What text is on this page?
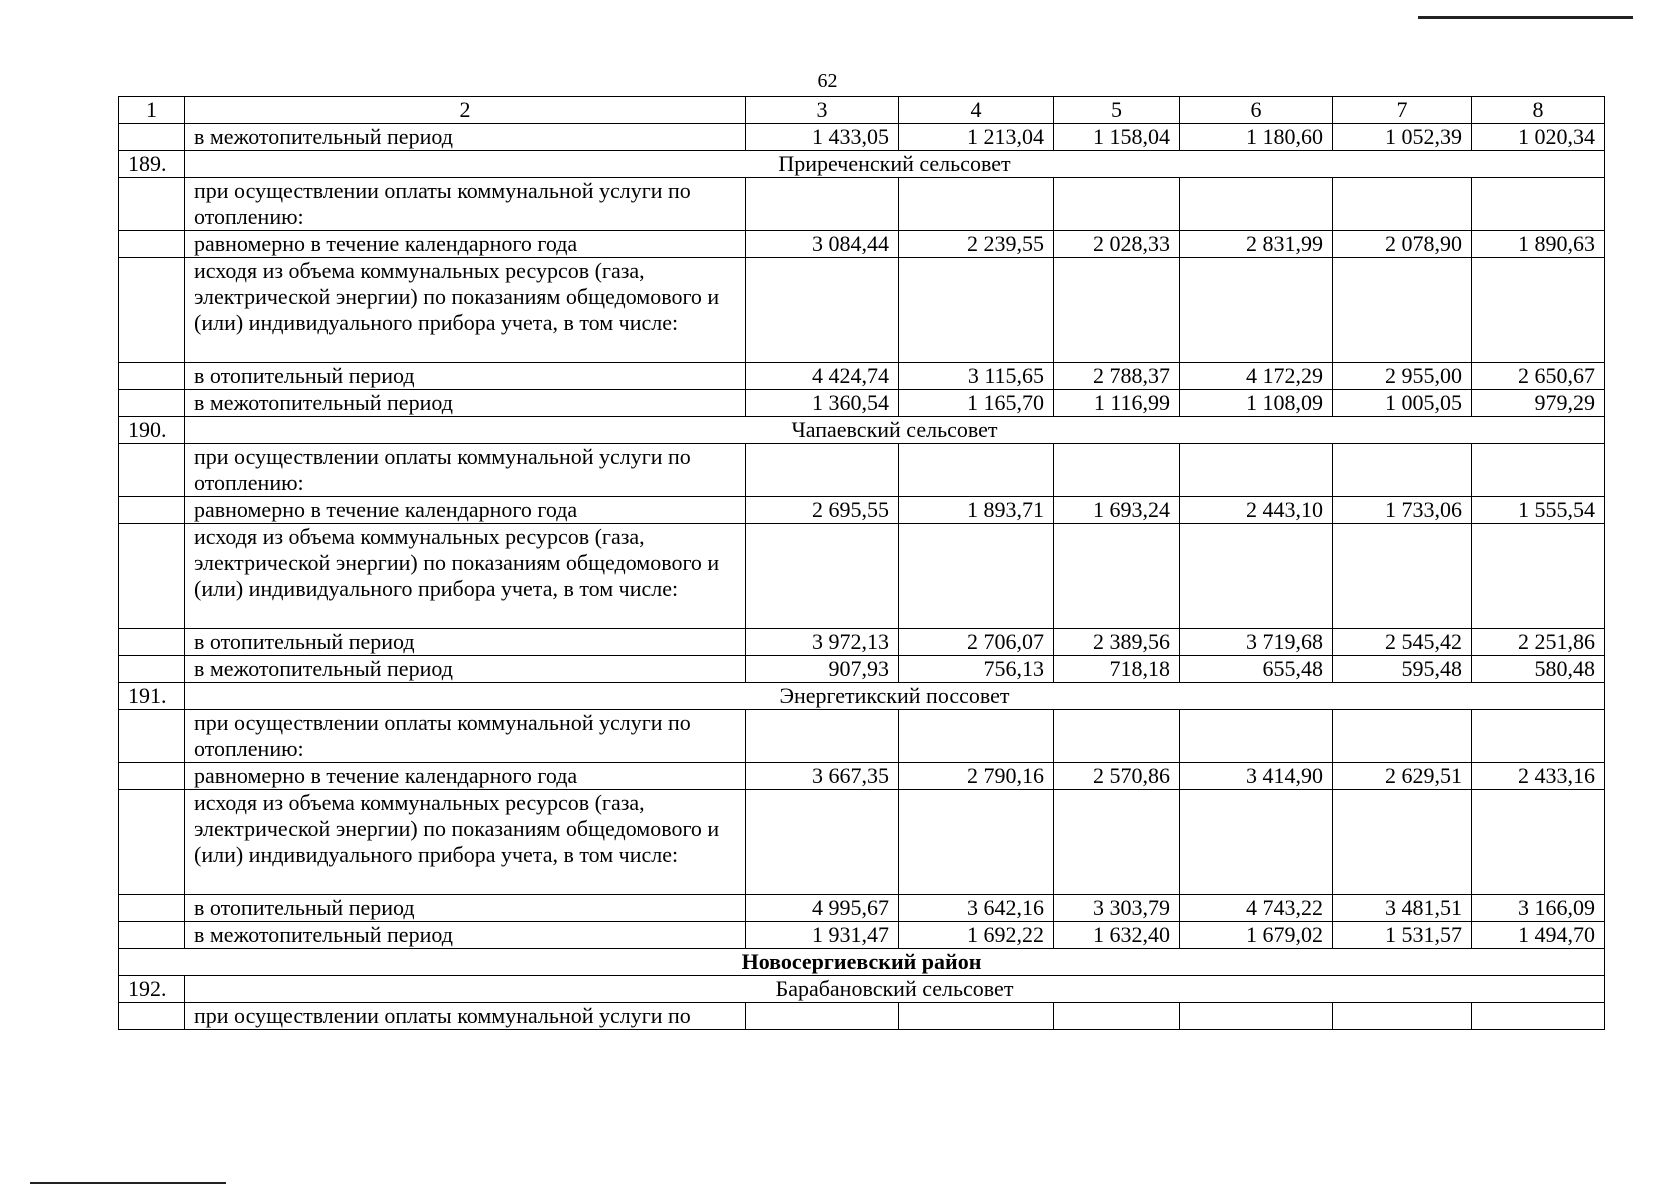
62
1	2	3	4	5	6	7	8
	в межотопительный период	1 433,05	1 213,04	1 158,04	1 180,60	1 052,39	1 020,34
189.	Приреченский сельсовет						
	при осуществлении оплаты коммунальной услуги по отоплению:						
	равномерно в течение календарного года	3 084,44	2 239,55	2 028,33	2 831,99	2 078,90	1 890,63
	исходя из объема коммунальных ресурсов (газа, электрической энергии) по показаниям общедомового и (или) индивидуального прибора учета, в том числе:						
	в отопительный период	4 424,74	3 115,65	2 788,37	4 172,29	2 955,00	2 650,67
	в межотопительный период	1 360,54	1 165,70	1 116,99	1 108,09	1 005,05	979,29
190.	Чапаевский сельсовет						
	при осуществлении оплаты коммунальной услуги по отоплению:						
	равномерно в течение календарного года	2 695,55	1 893,71	1 693,24	2 443,10	1 733,06	1 555,54
	исходя из объема коммунальных ресурсов (газа, электрической энергии) по показаниям общедомового и (или) индивидуального прибора учета, в том числе:						
	в отопительный период	3 972,13	2 706,07	2 389,56	3 719,68	2 545,42	2 251,86
	в межотопительный период	907,93	756,13	718,18	655,48	595,48	580,48
191.	Энергетикский поссовет						
	при осуществлении оплаты коммунальной услуги по отоплению:						
	равномерно в течение календарного года	3 667,35	2 790,16	2 570,86	3 414,90	2 629,51	2 433,16
	исходя из объема коммунальных ресурсов (газа, электрической энергии) по показаниям общедомового и (или) индивидуального прибора учета, в том числе:						
	в отопительный период	4 995,67	3 642,16	3 303,79	4 743,22	3 481,51	3 166,09
	в межотопительный период	1 931,47	1 692,22	1 632,40	1 679,02	1 531,57	1 494,70
Новосергиевский район							
192.	Барабановский сельсовет						
	при осуществлении оплаты коммунальной услуги по						
